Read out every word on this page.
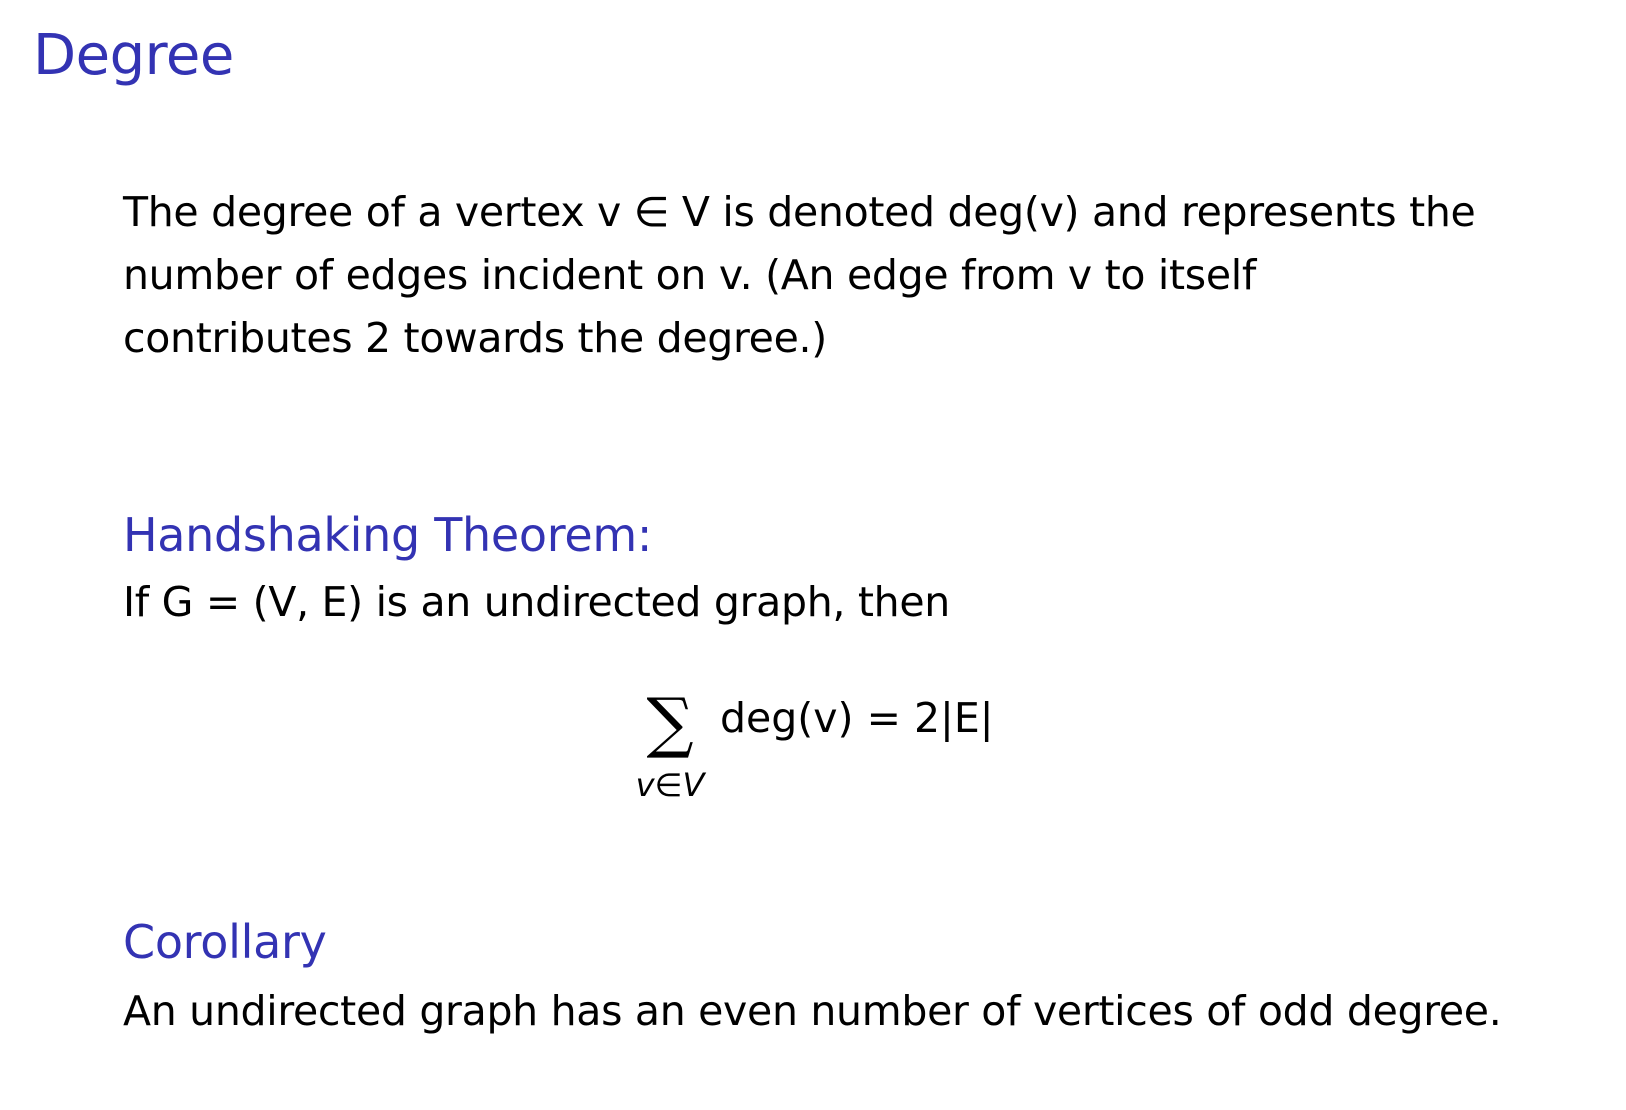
Degree
The degree of a vertex v ∈ V is denoted deg(v) and represents the
number of edges incident on v. (An edge from v to itself
contributes 2 towards the degree.)
Handshaking Theorem:
If G = (V, E) is an undirected graph, then
∑
v∈V
deg(v) = 2|E|
Corollary
An undirected graph has an even number of vertices of odd degree.
